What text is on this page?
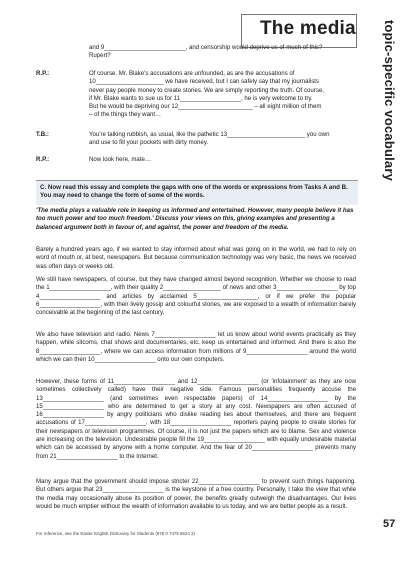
The media topic-specific vocabulary
and 9________________________, and censorship would deprive us of much of this?
Rupert?
R.P.:	Of course. Mr. Blake's accusations are unfounded, as are the accusations of
10____________________ we have received, but I can safely say that my journalists
never pay people money to create stories. We are simply reporting the truth. Of course,
if Mr. Blake wants to sue us for 11__________________, he is very welcome to try.
But he would be depriving our 12______________________ – all eight million of them
– of the things they want…
T.B.:	You're talking rubbish, as usual, like the pathetic 13_______________________ you own
and use to fill your pockets with dirty money.
R.P.:	Now look here, mate…

C. Now read this essay and complete the gaps with one of the words or expressions from Tasks A and B. You may need to change the form of some of the words.

'The media plays a valuable role in keeping us informed and entertained. However, many people believe it has too much power and too much freedom.' Discuss your views on this, giving examples and presenting a balanced argument both in favour of, and against, the power and freedom of the media.
Barely a hundred years ago, if we wanted to stay informed about what was going on in the world, we had to rely on word of mouth or, at best, newspapers. But because communication technology was very basic, the news we received was often days or weeks old.
We still have newspapers, of course, but they have changed almost beyond recognition. Whether we choose to read the 1__________________, with their quality 2_________________ of news and other 3__________________ by top 4__________________ and articles by acclaimed 5__________________, or if we prefer the popular 6__________________, with their lively gossip and colourful stories, we are exposed to a wealth of information barely conceivable at the beginning of the last century.
We also have television and radio. News 7__________________ let us know about world events practically as they happen, while sitcoms, chat shows and documentaries, etc. keep us entertained and informed. And there is also the 8__________________, where we can access information from millions of 9__________________ around the world which we can then 10__________________ onto our own computers.
However, these forms of 11__________________ and 12__________________ (or 'infotainment' as they are now sometimes collectively called) have their negative side. Famous personalities frequently accuse the 13__________________ (and sometimes even respectable papers) of 14__________________ by the 15__________________ who are determined to get a story at any cost. Newspapers are often accused of 16__________________ by angry politicians who dislike reading lies about themselves, and there are frequent accusations of 17__________________, with 18__________________ reporters paying people to create stories for their newspapers or television programmes. Of course, it is not just the papers which are to blame. Sex and violence are increasing on the television. Undesirable people fill the 19__________________ with equally undesirable material which can be accessed by anyone with a home computer. And the fear of 20__________________ prevents many from 21__________________ to the Internet.
Many argue that the government should impose stricter 22__________________ to prevent such things happening. But others argue that 23__________________ is the keystone of a free country. Personally, I take the view that while the media may occasionally abuse its position of power, the benefits greatly outweigh the disadvantages. Our lives would be much emptier without the wealth of information available to us today, and we are better people as a result.
For reference, see the Easier English Dictionary for Students (978 0 7475 6624 3)
57
